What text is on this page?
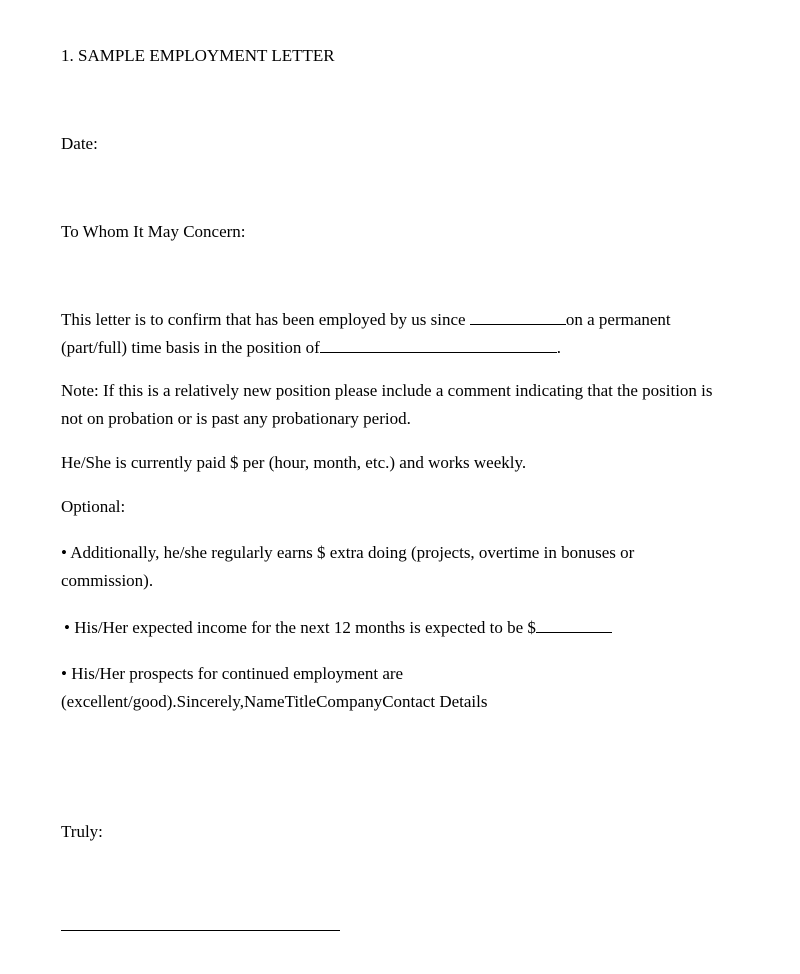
1. SAMPLE EMPLOYMENT LETTER
Date:
To Whom It May Concern:
This letter is to confirm that has been employed by us since	on a permanent
(part/full) time basis in the position of	.
Note: If this is a relatively new position please include a comment indicating that the position is
not on probation or is past any probationary period.
He/She is currently paid $ per (hour, month, etc.) and works weekly.
Optional:
• Additionally, he/she regularly earns $ extra doing (projects, overtime in bonuses or
commission).
• His/Her expected income for the next 12 months is expected to be $
• His/Her prospects for continued employment are
(excellent/good).Sincerely,NameTitleCompanyContact Details
Truly:
